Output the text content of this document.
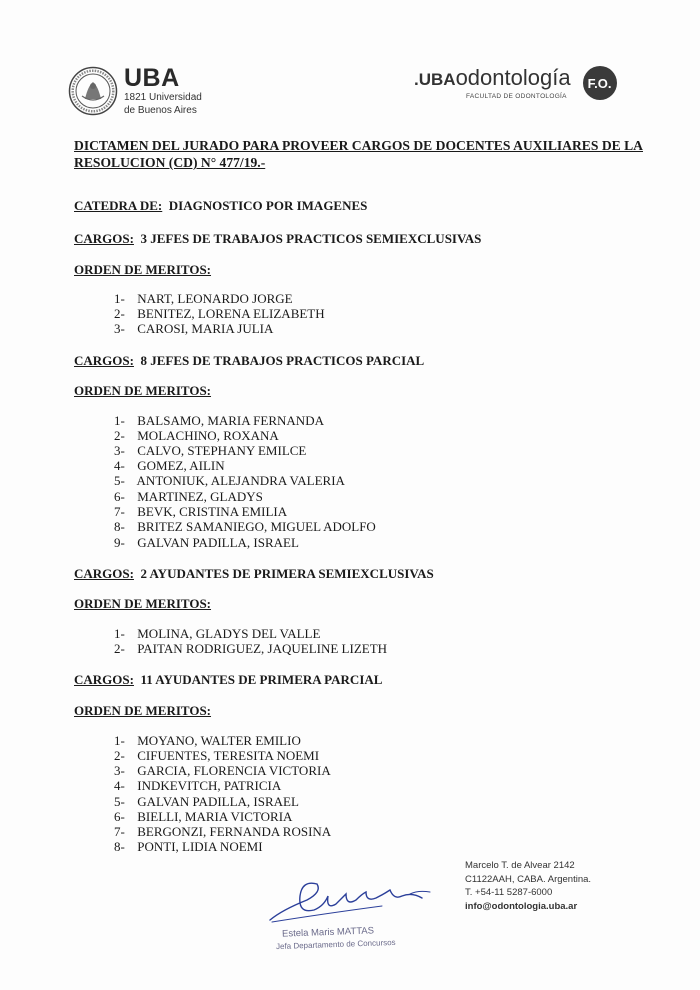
UBA
1821 Universidad
de Buenos Aires
.UBAodontología
FACULTAD DE ODONTOLOGÍA
F.O.
DICTAMEN DEL JURADO PARA PROVEER CARGOS DE DOCENTES AUXILIARES DE LA RESOLUCION (CD) N° 477/19.-
CATEDRA DE: DIAGNOSTICO POR IMAGENES
CARGOS: 3 JEFES DE TRABAJOS PRACTICOS SEMIEXCLUSIVAS
ORDEN DE MERITOS:
1- NART, LEONARDO JORGE
2- BENITEZ, LORENA ELIZABETH
3- CAROSI, MARIA JULIA
CARGOS: 8 JEFES DE TRABAJOS PRACTICOS PARCIAL
ORDEN DE MERITOS:
1- BALSAMO, MARIA FERNANDA
2- MOLACHINO, ROXANA
3- CALVO, STEPHANY EMILCE
4- GOMEZ, AILIN
5- ANTONIUK, ALEJANDRA VALERIA
6- MARTINEZ, GLADYS
7- BEVK, CRISTINA EMILIA
8- BRITEZ SAMANIEGO, MIGUEL ADOLFO
9- GALVAN PADILLA, ISRAEL
CARGOS: 2 AYUDANTES DE PRIMERA SEMIEXCLUSIVAS
ORDEN DE MERITOS:
1- MOLINA, GLADYS DEL VALLE
2- PAITAN RODRIGUEZ, JAQUELINE LIZETH
CARGOS: 11 AYUDANTES DE PRIMERA PARCIAL
ORDEN DE MERITOS:
1- MOYANO, WALTER EMILIO
2- CIFUENTES, TERESITA NOEMI
3- GARCIA, FLORENCIA VICTORIA
4- INDKEVITCH, PATRICIA
5- GALVAN PADILLA, ISRAEL
6- BIELLI, MARIA VICTORIA
7- BERGONZI, FERNANDA ROSINA
8- PONTI, LIDIA NOEMI
Marcelo T. de Alvear 2142
C1122AAH, CABA. Argentina.
T. +54-11 5287-6000
info@odontologia.uba.ar
Estela Maris MATTAS
Jefa Departamento de Concursos
